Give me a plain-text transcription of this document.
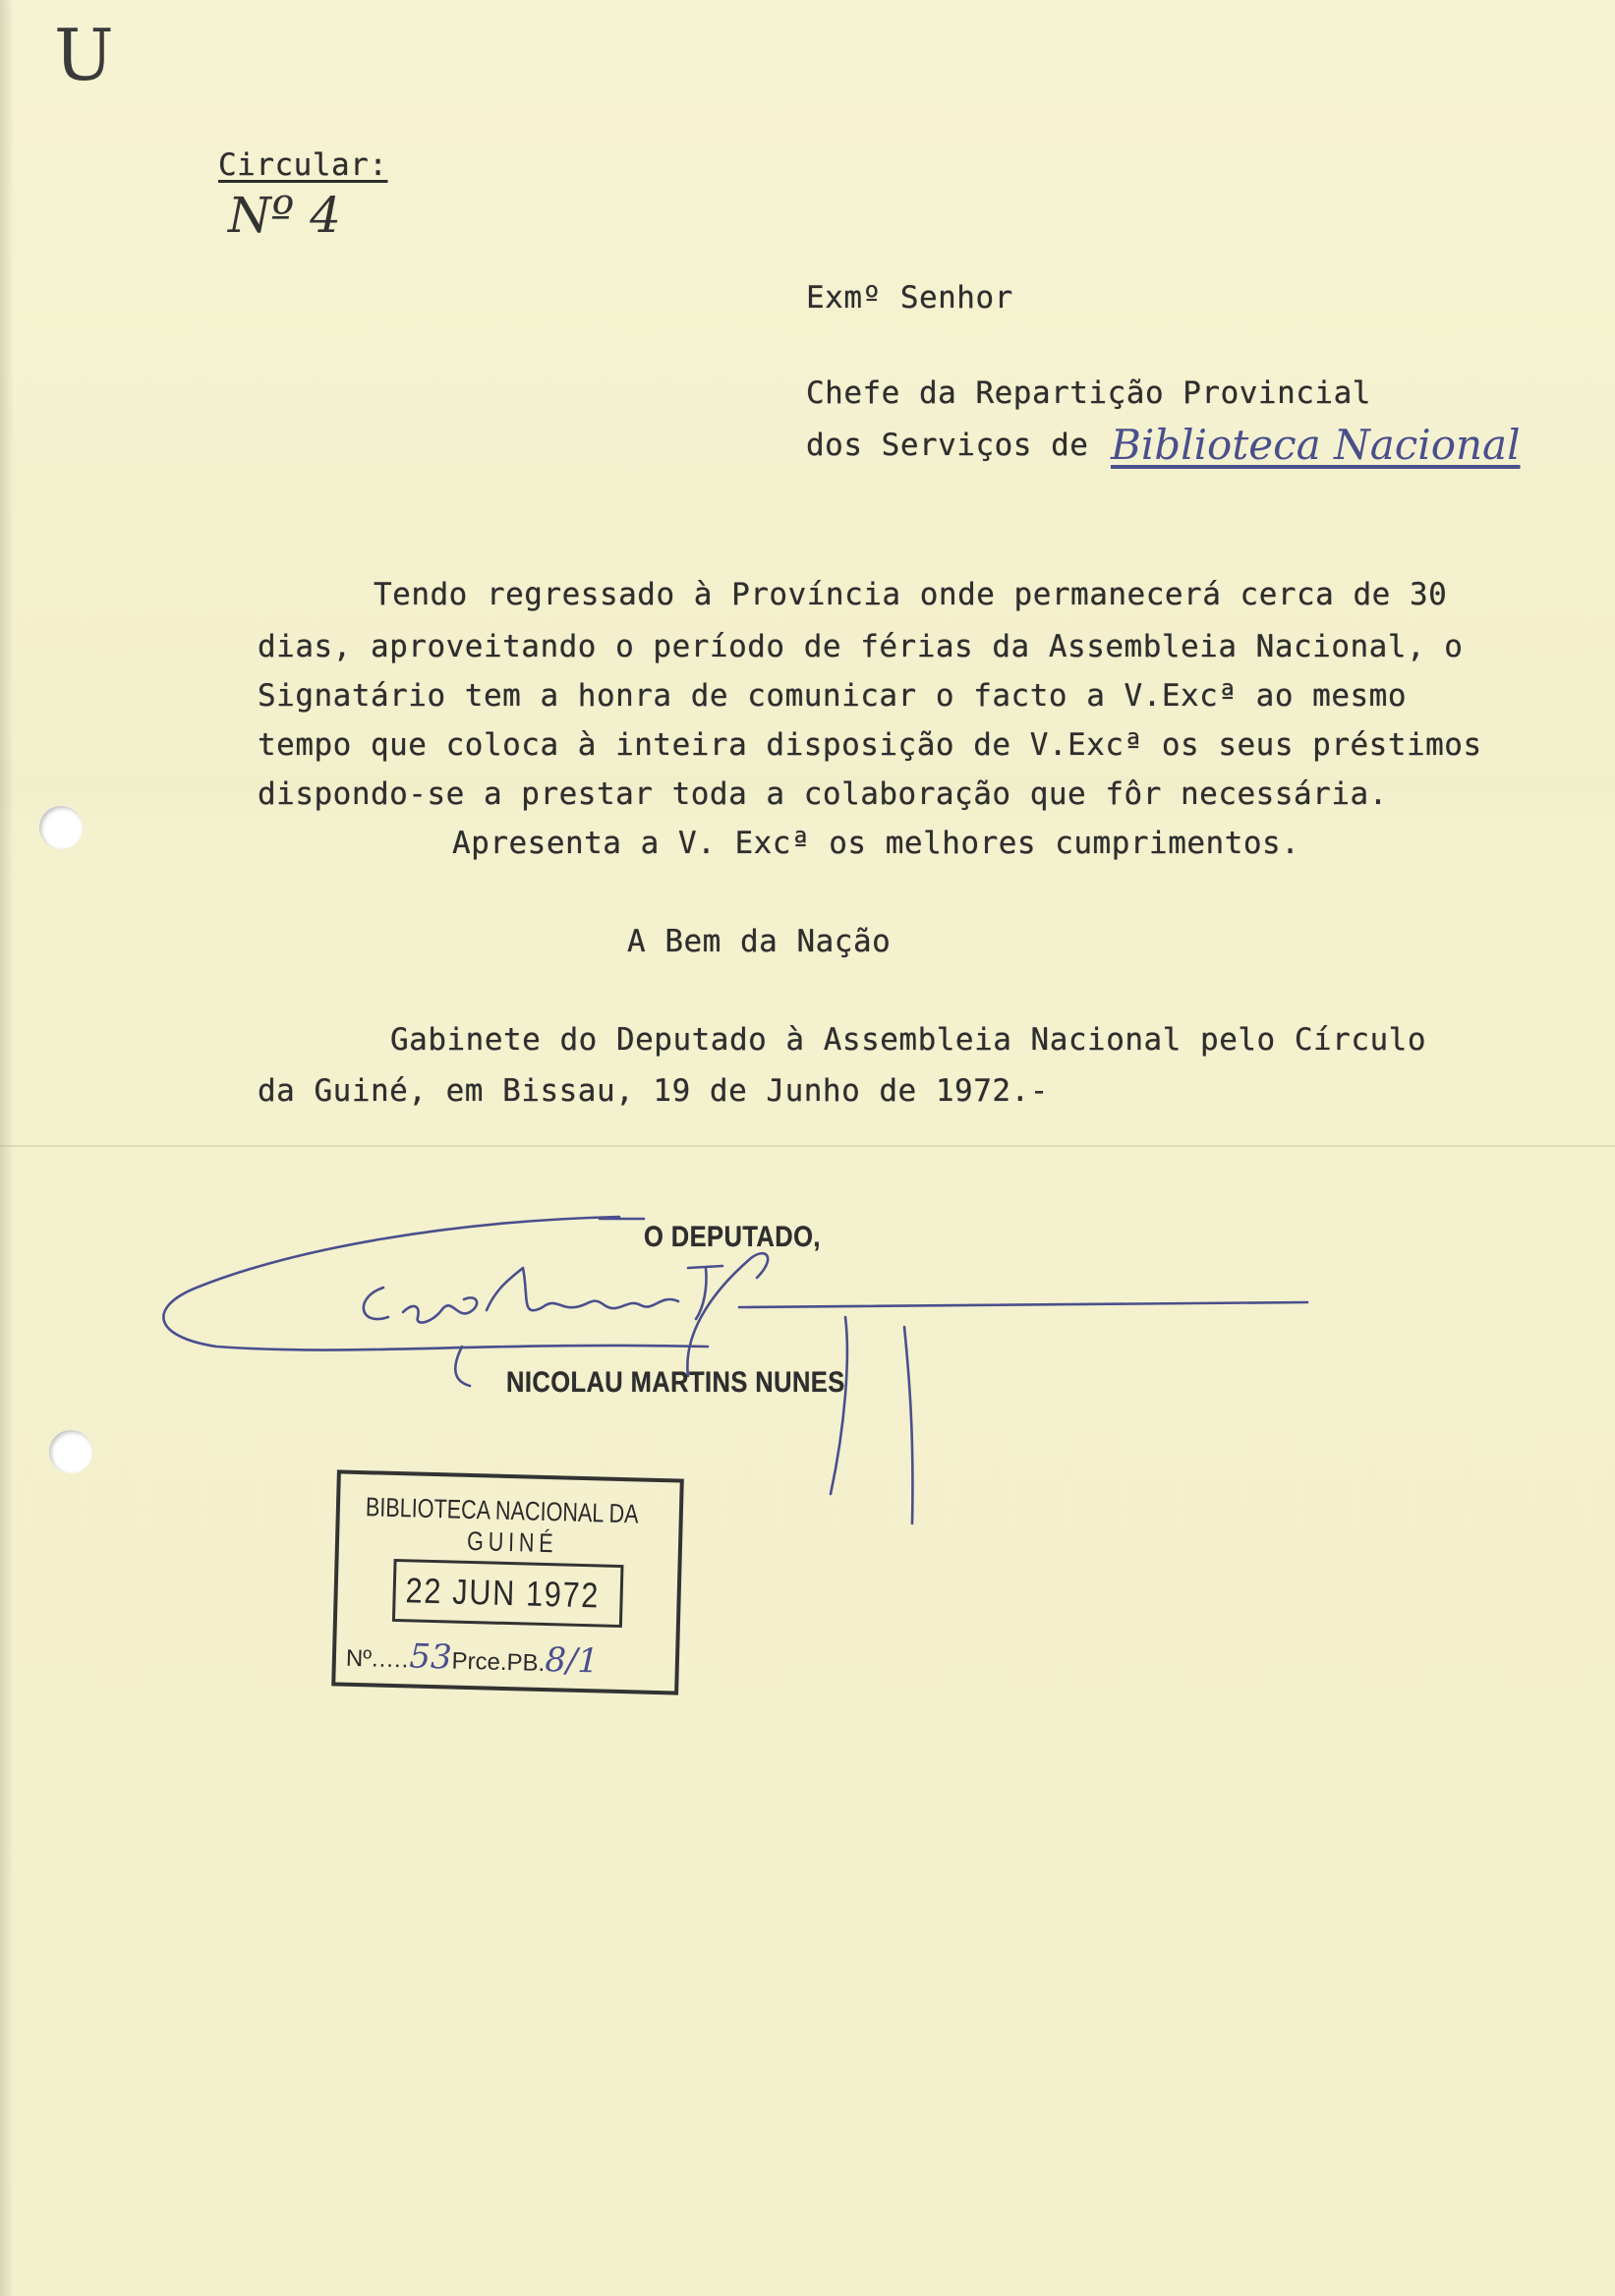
U
Circular:
Nº 4
Exmº Senhor
Chefe da Repartição Provincial
dos Serviços de Biblioteca Nacional
Tendo regressado à Província onde permanecerá cerca de 30
dias, aproveitando o período de férias da Assembleia Nacional, o
Signatário tem a honra de comunicar o facto a V.Excª ao mesmo
tempo que coloca à inteira disposição de V.Excª os seus préstimos
dispondo-se a prestar toda a colaboração que fôr necessária.
Apresenta a V. Excª os melhores cumprimentos.
A Bem da Nação
Gabinete do Deputado à Assembleia Nacional pelo Círculo
da Guiné, em Bissau, 19 de Junho de 1972.-
O DEPUTADO,
NICOLAU MARTINS NUNES
BIBLIOTECA NACIONAL DA
GUINÉ
22 JUN 1972
Nº.....53Prce.PB.8/1
